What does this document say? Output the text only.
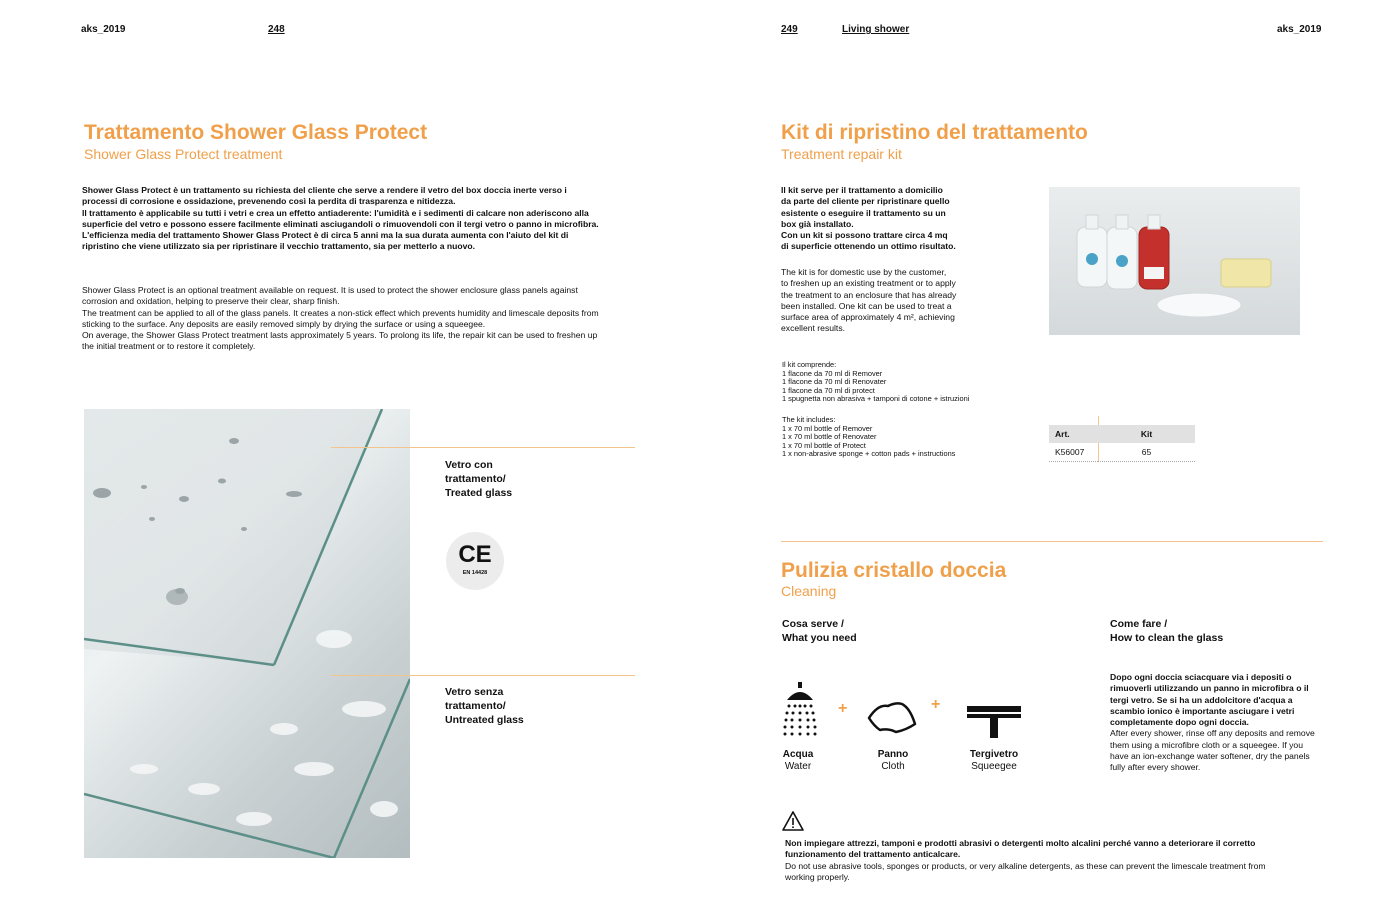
aks_2019	248	249	Living shower	aks_2019
Trattamento Shower Glass Protect
Shower Glass Protect treatment
Shower Glass Protect è un trattamento su richiesta del cliente che serve a rendere il vetro del box doccia inerte verso i processi di corrosione e ossidazione, prevenendo così la perdita di trasparenza e nitidezza.
Il trattamento è applicabile su tutti i vetri e crea un effetto antiaderente: l'umidità e i sedimenti di calcare non aderiscono alla superficie del vetro e possono essere facilmente eliminati asciugandoli o rimuovendoli con il tergi vetro o panno in microfibra.
L'efficienza media del trattamento Shower Glass Protect è di circa 5 anni ma la sua durata aumenta con l'aiuto del kit di ripristino che viene utilizzato sia per ripristinare il vecchio trattamento, sia per metterlo a nuovo.
Shower Glass Protect is an optional treatment available on request. It is used to protect the shower enclosure glass panels against corrosion and oxidation, helping to preserve their clear, sharp finish.
The treatment can be applied to all of the glass panels. It creates a non-stick effect which prevents humidity and limescale deposits from sticking to the surface. Any deposits are easily removed simply by drying the surface or using a squeegee.
On average, the Shower Glass Protect treatment lasts approximately 5 years. To prolong its life, the repair kit can be used to freshen up the initial treatment or to restore it completely.
Vetro con
trattamento/
Treated glass
CE
EN 14428
Vetro senza
trattamento/
Untreated glass
Kit di ripristino del trattamento
Treatment repair kit
Il kit serve per il trattamento a domicilio
da parte del cliente per ripristinare quello
esistente o eseguire il trattamento su un
box già installato.
Con un kit si possono trattare circa 4 mq
di superficie ottenendo un ottimo risultato.
The kit is for domestic use by the customer,
to freshen up an existing treatment or to apply
the treatment to an enclosure that has already
been installed. One kit can be used to treat a
surface area of approximately 4 m², achieving
excellent results.
Il kit comprende:
1 flacone da 70 ml di Remover
1 flacone da 70 ml di Renovater
1 flacone da 70 ml di protect
1 spugnetta non abrasiva + tamponi di cotone + istruzioni
The kit includes:
1 x 70 ml bottle of Remover
1 x 70 ml bottle of Renovater
1 x 70 ml bottle of Protect
1 x non-abrasive sponge + cotton pads + instructions
Art.	Kit
K56007	65
Pulizia cristallo doccia
Cleaning
Cosa serve /
What you need
Come fare /
How to clean the glass
+	+
Acqua
Water
Panno
Cloth
Tergivetro
Squeegee
Dopo ogni doccia sciacquare via i depositi o rimuoverli utilizzando un panno in microfibra o il tergi vetro. Se si ha un addolcitore d'acqua a scambio ionico è importante asciugare i vetri completamente dopo ogni doccia.
After every shower, rinse off any deposits and remove them using a microfibre cloth or a squeegee. If you have an ion-exchange water softener, dry the panels fully after every shower.
Non impiegare attrezzi, tamponi e prodotti abrasivi o detergenti molto alcalini perché vanno a deteriorare il corretto funzionamento del trattamento anticalcare.
Do not use abrasive tools, sponges or products, or very alkaline detergents, as these can prevent the limescale treatment from working properly.
